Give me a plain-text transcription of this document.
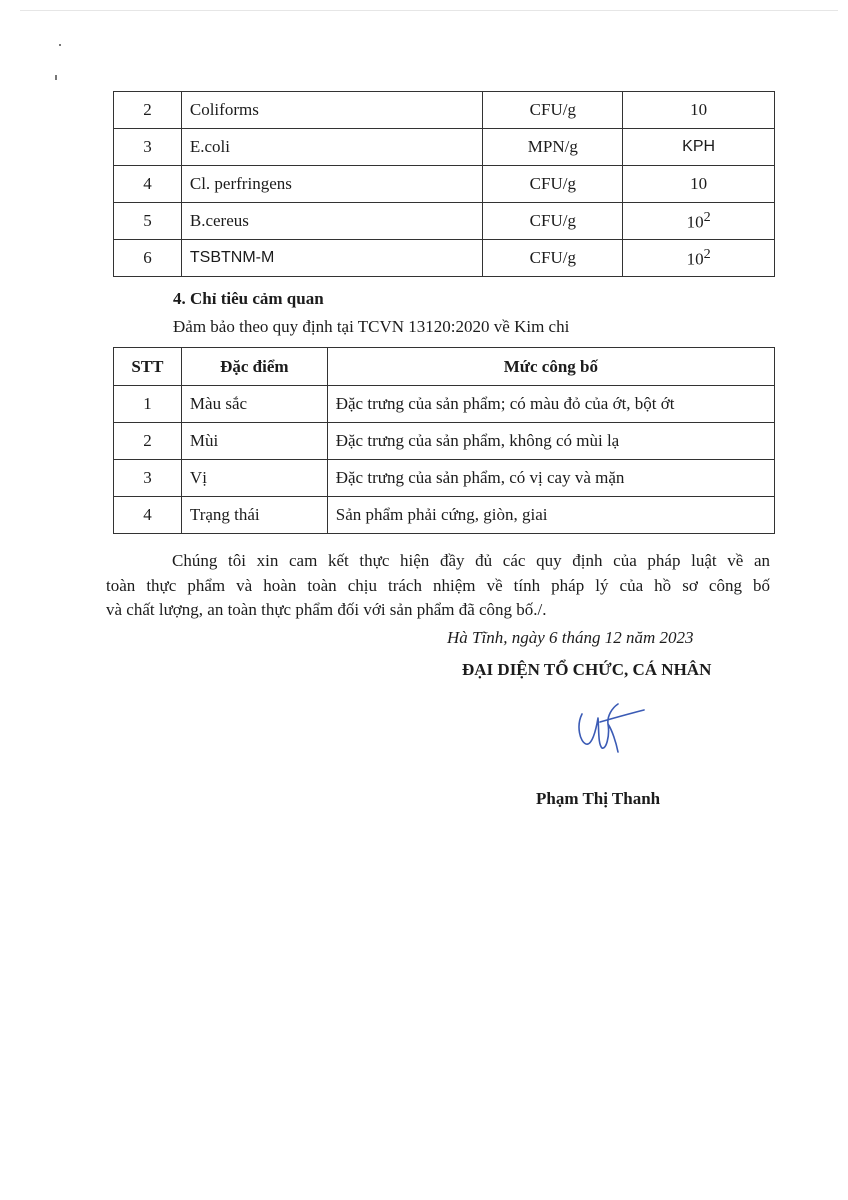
2	Coliforms	CFU/g	10
3	E.coli	MPN/g	KPH
4	Cl. perfringens	CFU/g	10
5	B.cereus	CFU/g	$10^2$
6	TSBTNM-M	CFU/g	$10^2$
4. Chỉ tiêu cảm quan
Đảm bảo theo quy định tại TCVN 13120:2020 về Kim chi
STT	Đặc điểm	Mức công bố
1	Màu sắc	Đặc trưng của sản phẩm; có màu đỏ của ớt, bột ớt
2	Mùi	Đặc trưng của sản phẩm, không có mùi lạ
3	Vị	Đặc trưng của sản phẩm, có vị cay và mặn
4	Trạng thái	Sản phẩm phải cứng, giòn, giai
Chúng tôi xin cam kết thực hiện đầy đủ các quy định của pháp luật về an
toàn thực phẩm và hoàn toàn chịu trách nhiệm về tính pháp lý của hồ sơ công bố
và chất lượng, an toàn thực phẩm đối với sản phẩm đã công bố./.
Hà Tĩnh, ngày 6 tháng 12 năm 2023
ĐẠI DIỆN TỔ CHỨC, CÁ NHÂN
Phạm Thị Thanh
